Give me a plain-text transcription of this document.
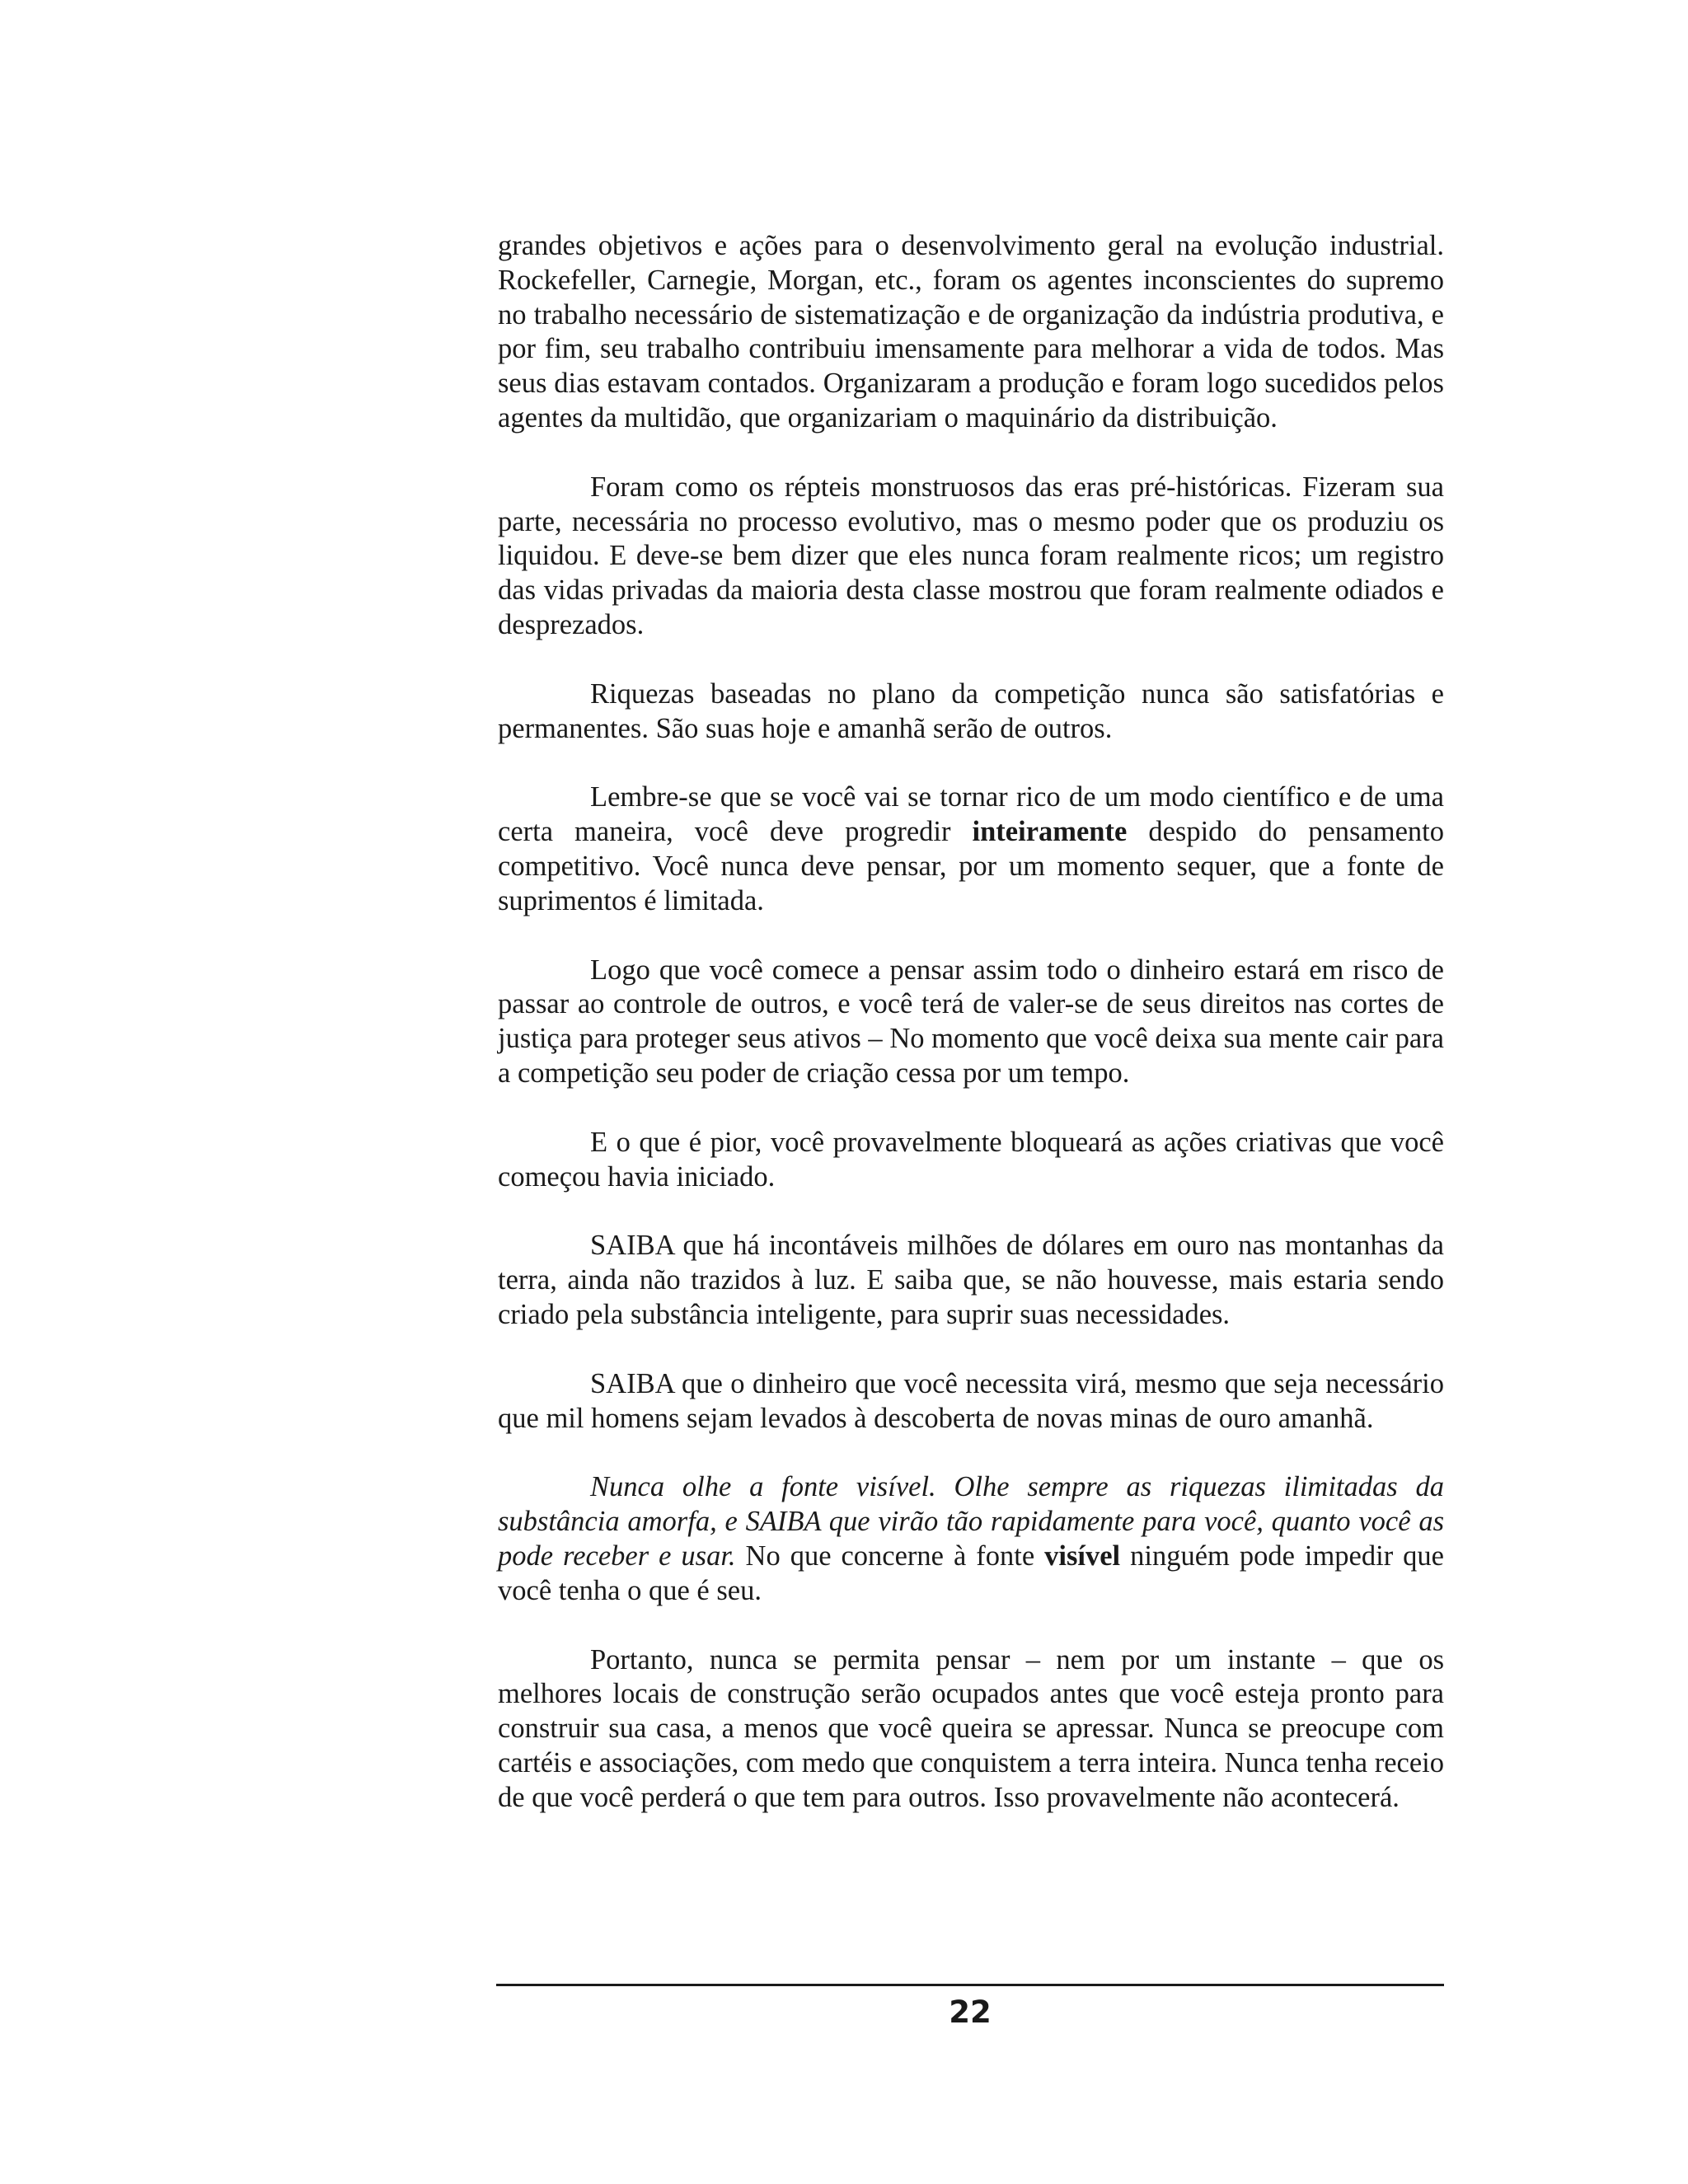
grandes objetivos e ações para o desenvolvimento geral na evolução industrial. Rockefeller, Carnegie, Morgan, etc., foram os agentes inconscientes do supremo no trabalho necessário de sistematização e de organização da indústria produtiva, e por fim, seu trabalho contribuiu imensamente para melhorar a vida de todos. Mas seus dias estavam contados. Organizaram a produção e foram logo sucedidos pelos agentes da multidão, que organizariam o maquinário da distribuição.

Foram como os répteis monstruosos das eras pré-históricas. Fizeram sua parte, necessária no processo evolutivo, mas o mesmo poder que os produziu os liquidou. E deve-se bem dizer que eles nunca foram realmente ricos; um registro das vidas privadas da maioria desta classe mostrou que foram realmente odiados e desprezados.

Riquezas baseadas no plano da competição nunca são satisfatórias e permanentes. São suas hoje e amanhã serão de outros.

Lembre-se que se você vai se tornar rico de um modo científico e de uma certa maneira, você deve progredir inteiramente despido do pensamento competitivo. Você nunca deve pensar, por um momento sequer, que a fonte de suprimentos é limitada.

Logo que você comece a pensar assim todo o dinheiro estará em risco de passar ao controle de outros, e você terá de valer-se de seus direitos nas cortes de justiça para proteger seus ativos – No momento que você deixa sua mente cair para a competição seu poder de criação cessa por um tempo.

E o que é pior, você provavelmente bloqueará as ações criativas que você começou havia iniciado.

SAIBA que há incontáveis milhões de dólares em ouro nas montanhas da terra, ainda não trazidos à luz. E saiba que, se não houvesse, mais estaria sendo criado pela substância inteligente, para suprir suas necessidades.

SAIBA que o dinheiro que você necessita virá, mesmo que seja necessário que mil homens sejam levados à descoberta de novas minas de ouro amanhã.

Nunca olhe a fonte visível. Olhe sempre as riquezas ilimitadas da substância amorfa, e SAIBA que virão tão rapidamente para você, quanto você as pode receber e usar. No que concerne à fonte visível ninguém pode impedir que você tenha o que é seu.

Portanto, nunca se permita pensar – nem por um instante – que os melhores locais de construção serão ocupados antes que você esteja pronto para construir sua casa, a menos que você queira se apressar. Nunca se preocupe com cartéis e associações, com medo que conquistem a terra inteira. Nunca tenha receio de que você perderá o que tem para outros. Isso provavelmente não acontecerá.

22
